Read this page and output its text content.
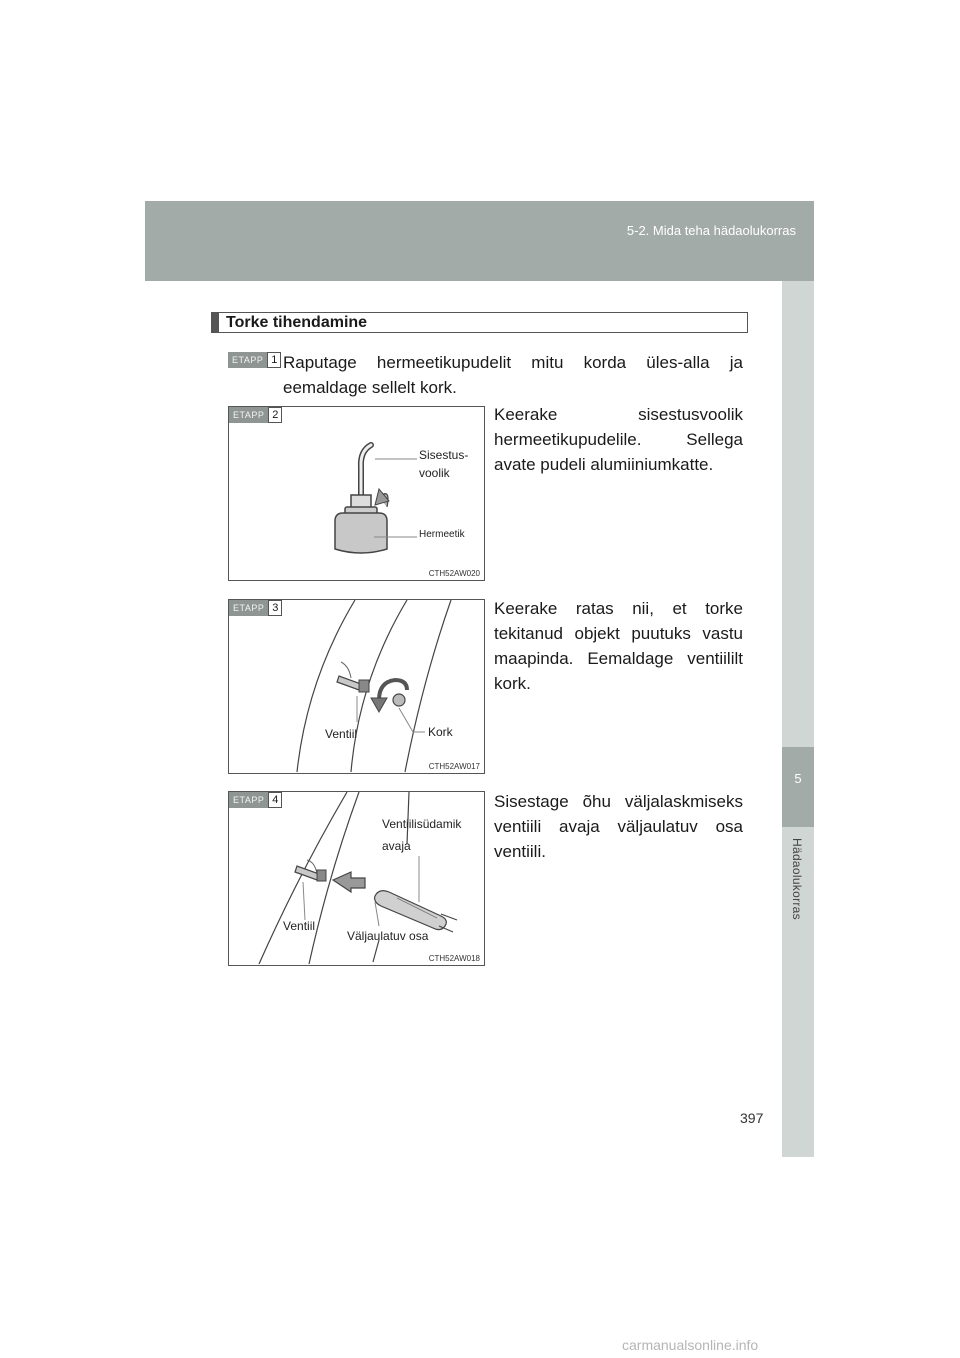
5-2. Mida teha hädaolukorras
5
Hädaolukorras
Torke tihendamine
ETAPP 1 Raputage hermeetikupudelit mitu korda üles-alla ja eemaldage sellelt kork.
ETAPP 2
Sisestus-
voolik
Hermeetik
CTH52AW020
Keerake sisestusvoolik hermeetikupudelile. Sellega avate pudeli alumiiniumkatte.
ETAPP 3
Ventiil	Kork
CTH52AW017
Keerake ratas nii, et torke tekitanud objekt puutuks vastu maapinda. Eemaldage ventiililt kork.
ETAPP 4
Ventiilisüdamik
avaja
Ventiil
Väljaulatuv osa
CTH52AW018
Sisestage õhu väljalaskmiseks ventiili avaja väljaulatuv osa ventiili.
397
carmanualsonline.info
